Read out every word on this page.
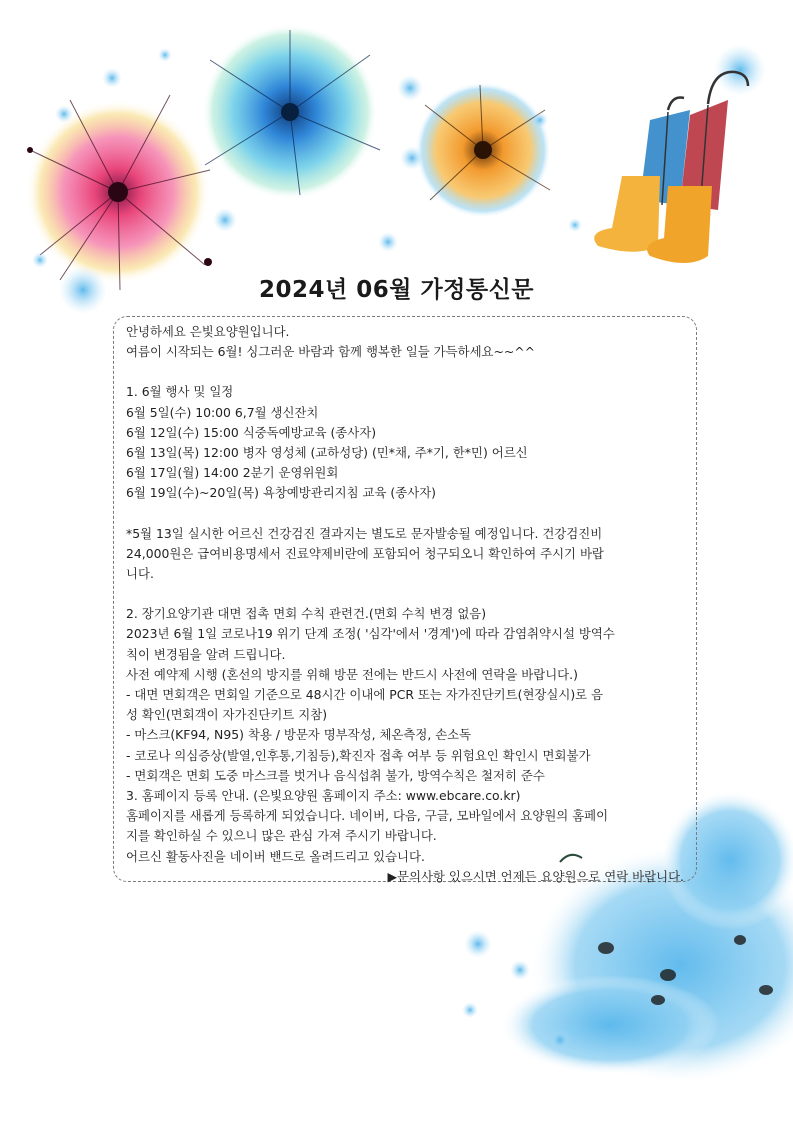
2024년 06월 가정통신문
안녕하세요 은빛요양원입니다.
여름이 시작되는 6월! 싱그러운 바람과 함께 행복한 일들 가득하세요~~^^
1. 6월 행사 및 일정
6월 5일(수) 10:00 6,7월 생신잔치
6월 12일(수) 15:00 식중독예방교육 (종사자)
6월 13일(목) 12:00 병자 영성체 (교하성당) (민*채, 주*기, 한*민) 어르신
6월 17일(월) 14:00 2분기 운영위원회
6월 19일(수)~20일(목) 욕창예방관리지침 교육 (종사자)
*5월 13일 실시한 어르신 건강검진 결과지는 별도로 문자발송될 예정입니다. 건강검진비
24,000원은 급여비용명세서 진료약제비란에 포함되어 청구되오니 확인하여 주시기 바랍
니다.
2. 장기요양기관 대면 접촉 면회 수칙 관련건.(면회 수칙 변경 없음)
2023년 6월 1일 코로나19 위기 단계 조정( '심각'에서 '경계')에 따라 감염취약시설 방역수
칙이 변경됨을 알려 드립니다.
사전 예약제 시행 (혼선의 방지를 위해 방문 전에는 반드시 사전에 연락을 바랍니다.)
- 대면 면회객은 면회일 기준으로 48시간 이내에 PCR 또는 자가진단키트(현장실시)로 음
성 확인(면회객이 자가진단키트 지참)
- 마스크(KF94, N95) 착용 / 방문자 명부작성, 체온측정, 손소독
- 코로나 의심증상(발열,인후통,기침등),확진자 접촉 여부 등 위험요인 확인시 면회불가
- 면회객은 면회 도중 마스크를 벗거나 음식섭취 불가, 방역수칙은 철저히 준수
3. 홈페이지 등록 안내. (은빛요양원 홈페이지 주소: www.ebcare.co.kr)
홈페이지를 새롭게 등록하게 되었습니다. 네이버, 다음, 구글, 모바일에서 요양원의 홈페이
지를 확인하실 수 있으니 많은 관심 가져 주시기 바랍니다.
어르신 활동사진을 네이버 밴드로 올려드리고 있습니다.
▶문의사항 있으시면 언제든 요양원으로 연락 바랍니다.
